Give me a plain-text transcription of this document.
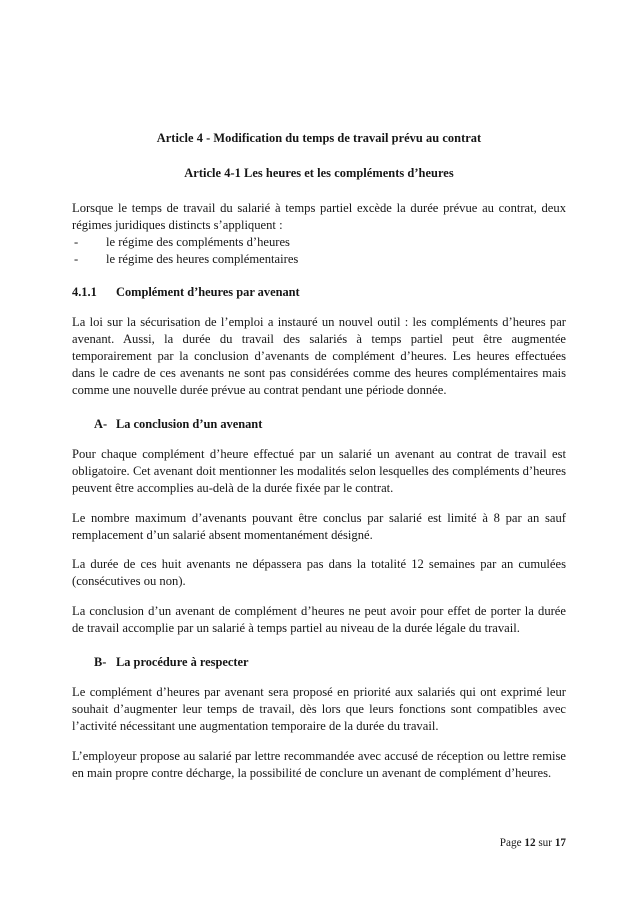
Article 4 - Modification du temps de travail prévu au contrat
Article 4-1 Les heures et les compléments d’heures

Lorsque le temps de travail du salarié à temps partiel excède la durée prévue au contrat, deux régimes juridiques distincts s’appliquent :

- le régime des compléments d’heures
- le régime des heures complémentaires
4.1.1 Complément d’heures par avenant

La loi sur la sécurisation de l’emploi a instauré un nouvel outil : les compléments d’heures par avenant. Aussi, la durée du travail des salariés à temps partiel peut être augmentée temporairement par la conclusion d’avenants de complément d’heures. Les heures effectuées dans le cadre de ces avenants ne sont pas considérées comme des heures complémentaires mais comme une nouvelle durée prévue au contrat pendant une période donnée.

A- La conclusion d’un avenant

Pour chaque complément d’heure effectué par un salarié un avenant au contrat de travail est obligatoire. Cet avenant doit mentionner les modalités selon lesquelles des compléments d’heures peuvent être accomplies au-delà de la durée fixée par le contrat.

Le nombre maximum d’avenants pouvant être conclus par salarié est limité à 8 par an sauf remplacement d’un salarié absent momentanément désigné.

La durée de ces huit avenants ne dépassera pas dans la totalité 12 semaines par an cumulées (consécutives ou non).

La conclusion d’un avenant de complément d’heures ne peut avoir pour effet de porter la durée de travail accomplie par un salarié à temps partiel au niveau de la durée légale du travail.

B- La procédure à respecter

Le complément d’heures par avenant sera proposé en priorité aux salariés qui ont exprimé leur souhait d’augmenter leur temps de travail, dès lors que leurs fonctions sont compatibles avec l’activité nécessitant une augmentation temporaire de la durée du travail.

L’employeur propose au salarié par lettre recommandée avec accusé de réception ou lettre remise en main propre contre décharge, la possibilité de conclure un avenant de complément d’heures.

Page 12 sur 17
